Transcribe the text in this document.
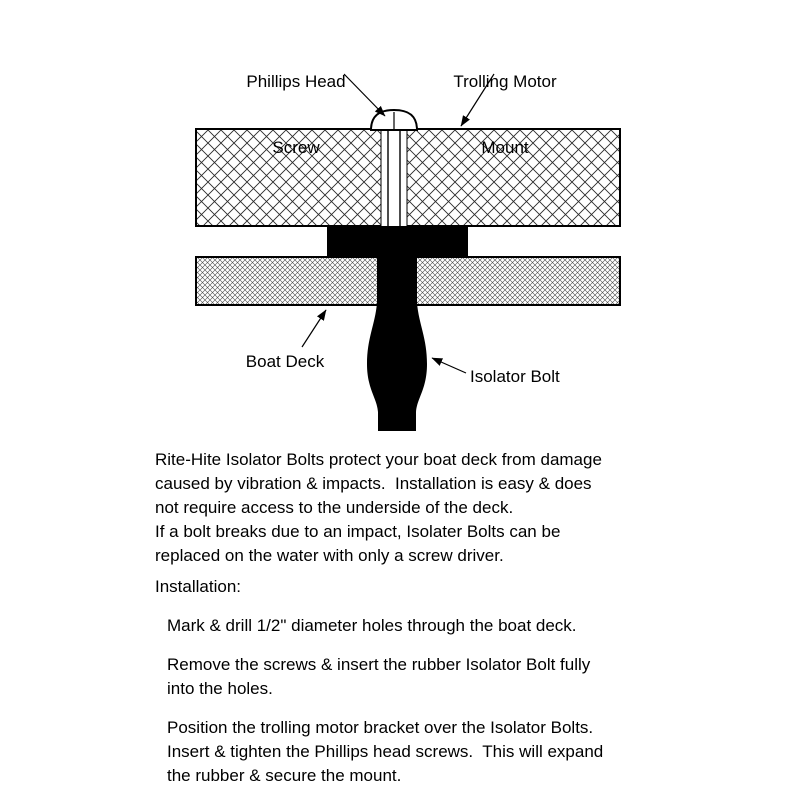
Phillips Head

Screw

Trolling Motor

Mount

Boat Deck
Isolator Bolt
Rite-Hite Isolator Bolts protect your boat deck from damage
caused by vibration & impacts.  Installation is easy & does
not require access to the underside of the deck.
If a bolt breaks due to an impact, Isolater Bolts can be
replaced on the water with only a screw driver.
Installation:
Mark & drill 1/2" diameter holes through the boat deck.
Remove the screws & insert the rubber Isolator Bolt fully
into the holes.
Position the trolling motor bracket over the Isolator Bolts.
Insert & tighten the Phillips head screws.  This will expand
the rubber & secure the mount.
